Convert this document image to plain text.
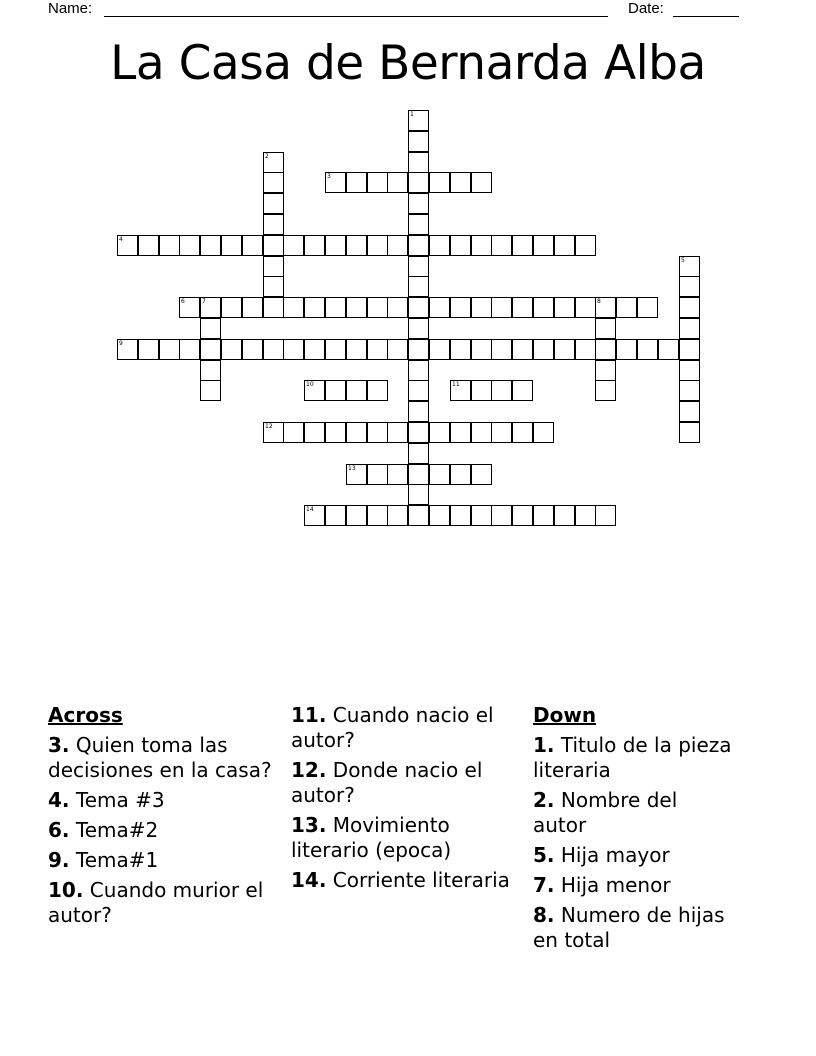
Name:	Date:
La Casa de Bernarda Alba
1
2
3
4
5
6	7	8
9
10	11
12
13
14
Across
3. Quien toma las decisiones en la casa?
4. Tema #3
6. Tema#2
9. Tema#1
10. Cuando murior el autor?
11. Cuando nacio el autor?
12. Donde nacio el autor?
13. Movimiento literario (epoca)
14. Corriente literaria
Down
1. Titulo de la pieza literaria
2. Nombre del autor
5. Hija mayor
7. Hija menor
8. Numero de hijas en total
